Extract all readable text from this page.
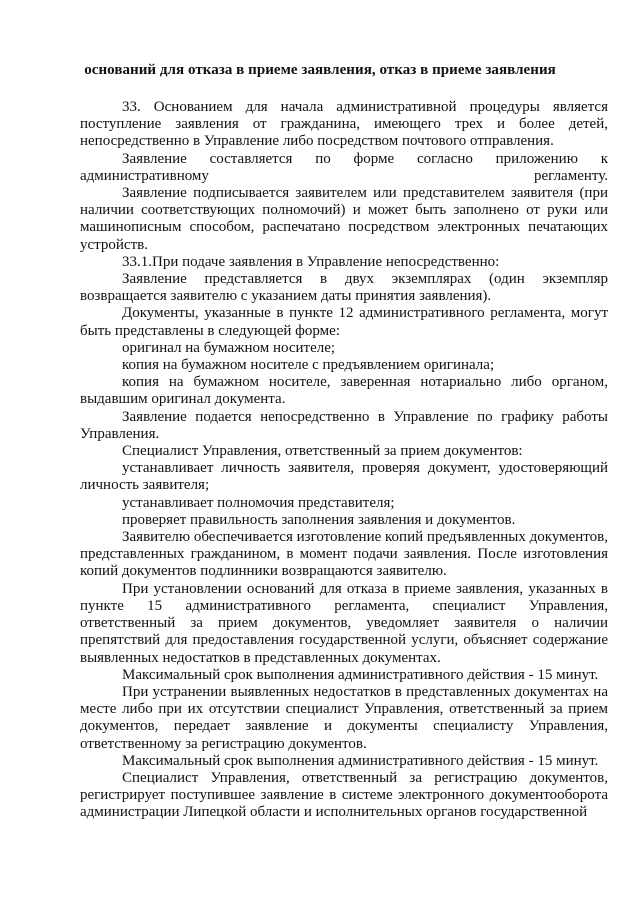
оснований для отказа в приеме заявления, отказ в приеме заявления

33. Основанием для начала административной процедуры является поступление заявления от гражданина, имеющего трех и более детей, непосредственно в Управление либо посредством почтового отправления.

Заявление составляется по форме согласно приложению к административному регламенту.

Заявление подписывается заявителем или представителем заявителя (при наличии соответствующих полномочий) и может быть заполнено от руки или машинописным способом, распечатано посредством электронных печатающих устройств.

33.1.При подаче заявления в Управление непосредственно:

Заявление представляется в двух экземплярах (один экземпляр возвращается заявителю с указанием даты принятия заявления).

Документы, указанные в пункте 12 административного регламента, могут быть представлены в следующей форме:

оригинал на бумажном носителе;

копия на бумажном носителе с предъявлением оригинала;

копия на бумажном носителе, заверенная нотариально либо органом, выдавшим оригинал документа.

Заявление подается непосредственно в Управление по графику работы Управления.

Специалист Управления, ответственный за прием документов:

устанавливает личность заявителя, проверяя документ, удостоверяющий личность заявителя;

устанавливает полномочия представителя;

проверяет правильность заполнения заявления и документов.

Заявителю обеспечивается изготовление копий предъявленных документов, представленных гражданином, в момент подачи заявления. После изготовления копий документов подлинники возвращаются заявителю.

При установлении оснований для отказа в приеме заявления, указанных в пункте 15 административного регламента, специалист Управления, ответственный за прием документов, уведомляет заявителя о наличии препятствий для предоставления государственной услуги, объясняет содержание выявленных недостатков в представленных документах.

Максимальный срок выполнения административного действия - 15 минут.

При устранении выявленных недостатков в представленных документах на месте либо при их отсутствии специалист Управления, ответственный за прием документов, передает заявление и документы специалисту Управления, ответственному за регистрацию документов.

Максимальный срок выполнения административного действия - 15 минут.

Специалист Управления, ответственный за регистрацию документов, регистрирует поступившее заявление в системе электронного документооборота администрации Липецкой области и исполнительных органов государственной
